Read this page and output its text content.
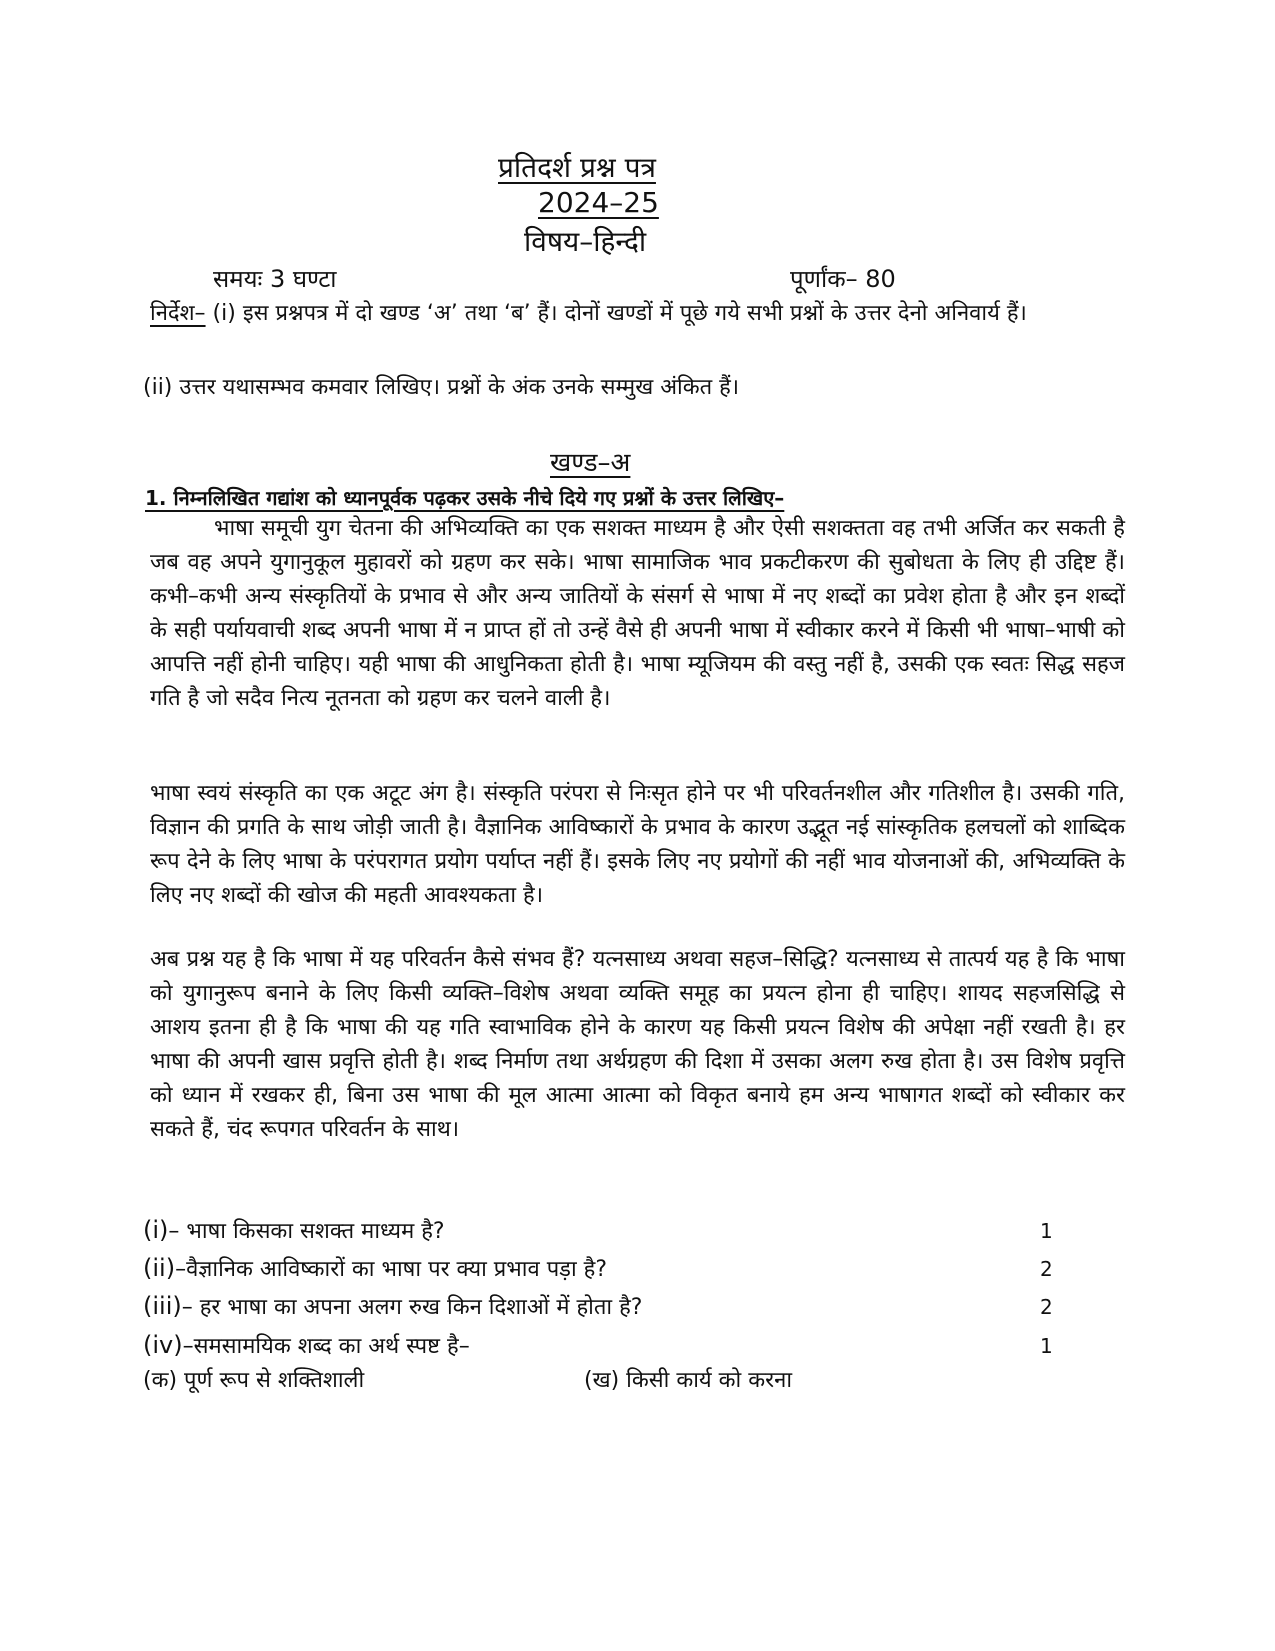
प्रतिदर्श प्रश्न पत्र
2024–25
विषय–हिन्दी
समयः 3 घण्टा	पूर्णांक– 80
निर्देश– (i) इस प्रश्नपत्र में दो खण्ड ‘अ’ तथा ‘ब’ हैं। दोनों खण्डों में पूछे गये सभी प्रश्नों के उत्तर देनो अनिवार्य हैं।
(ii) उत्तर यथासम्भव कमवार लिखिए। प्रश्नों के अंक उनके सम्मुख अंकित हैं।
खण्ड–अ
1. निम्नलिखित गद्यांश को ध्यानपूर्वक पढ़कर उसके नीचे दिये गए प्रश्नों के उत्तर लिखिए–
भाषा समूची युग चेतना की अभिव्यक्ति का एक सशक्त माध्यम है और ऐसी सशक्तता वह तभी अर्जित कर सकती है जब वह अपने युगानुकूल मुहावरों को ग्रहण कर सके। भाषा सामाजिक भाव प्रकटीकरण की सुबोधता के लिए ही उद्दिष्ट हैं। कभी–कभी अन्य संस्कृतियों के प्रभाव से और अन्य जातियों के संसर्ग से भाषा में नए शब्दों का प्रवेश होता है और इन शब्दों के सही पर्यायवाची शब्द अपनी भाषा में न प्राप्त हों तो उन्हें वैसे ही अपनी भाषा में स्वीकार करने में किसी भी भाषा–भाषी को आपत्ति नहीं होनी चाहिए। यही भाषा की आधुनिकता होती है। भाषा म्यूजियम की वस्तु नहीं है, उसकी एक स्वतः सिद्ध सहज गति है जो सदैव नित्य नूतनता को ग्रहण कर चलने वाली है।
भाषा स्वयं संस्कृति का एक अटूट अंग है। संस्कृति परंपरा से निःसृत होने पर भी परिवर्तनशील और गतिशील है। उसकी गति, विज्ञान की प्रगति के साथ जोड़ी जाती है। वैज्ञानिक आविष्कारों के प्रभाव के कारण उद्भूत नई सांस्कृतिक हलचलों को शाब्दिक रूप देने के लिए भाषा के परंपरागत प्रयोग पर्याप्त नहीं हैं। इसके लिए नए प्रयोगों की नहीं भाव योजनाओं की, अभिव्यक्ति के लिए नए शब्दों की खोज की महती आवश्यकता है।
अब प्रश्न यह है कि भाषा में यह परिवर्तन कैसे संभव हैं? यत्नसाध्य अथवा सहज–सिद्धि? यत्नसाध्य से तात्पर्य यह है कि भाषा को युगानुरूप बनाने के लिए किसी व्यक्ति–विशेष अथवा व्यक्ति समूह का प्रयत्न होना ही चाहिए। शायद सहजसिद्धि से आशय इतना ही है कि भाषा की यह गति स्वाभाविक होने के कारण यह किसी प्रयत्न विशेष की अपेक्षा नहीं रखती है। हर भाषा की अपनी खास प्रवृत्ति होती है। शब्द निर्माण तथा अर्थग्रहण की दिशा में उसका अलग रुख होता है। उस विशेष प्रवृत्ति को ध्यान में रखकर ही, बिना उस भाषा की मूल आत्मा आत्मा को विकृत बनाये हम अन्य भाषागत शब्दों को स्वीकार कर सकते हैं, चंद रूपगत परिवर्तन के साथ।
(i)– भाषा किसका सशक्त माध्यम है?	1
(ii)–वैज्ञानिक आविष्कारों का भाषा पर क्या प्रभाव पड़ा है?	2
(iii)– हर भाषा का अपना अलग रुख किन दिशाओं में होता है?	2
(iv)–समसामयिक शब्द का अर्थ स्पष्ट है–	1
(क) पूर्ण रूप से शक्तिशाली	(ख) किसी कार्य को करना
